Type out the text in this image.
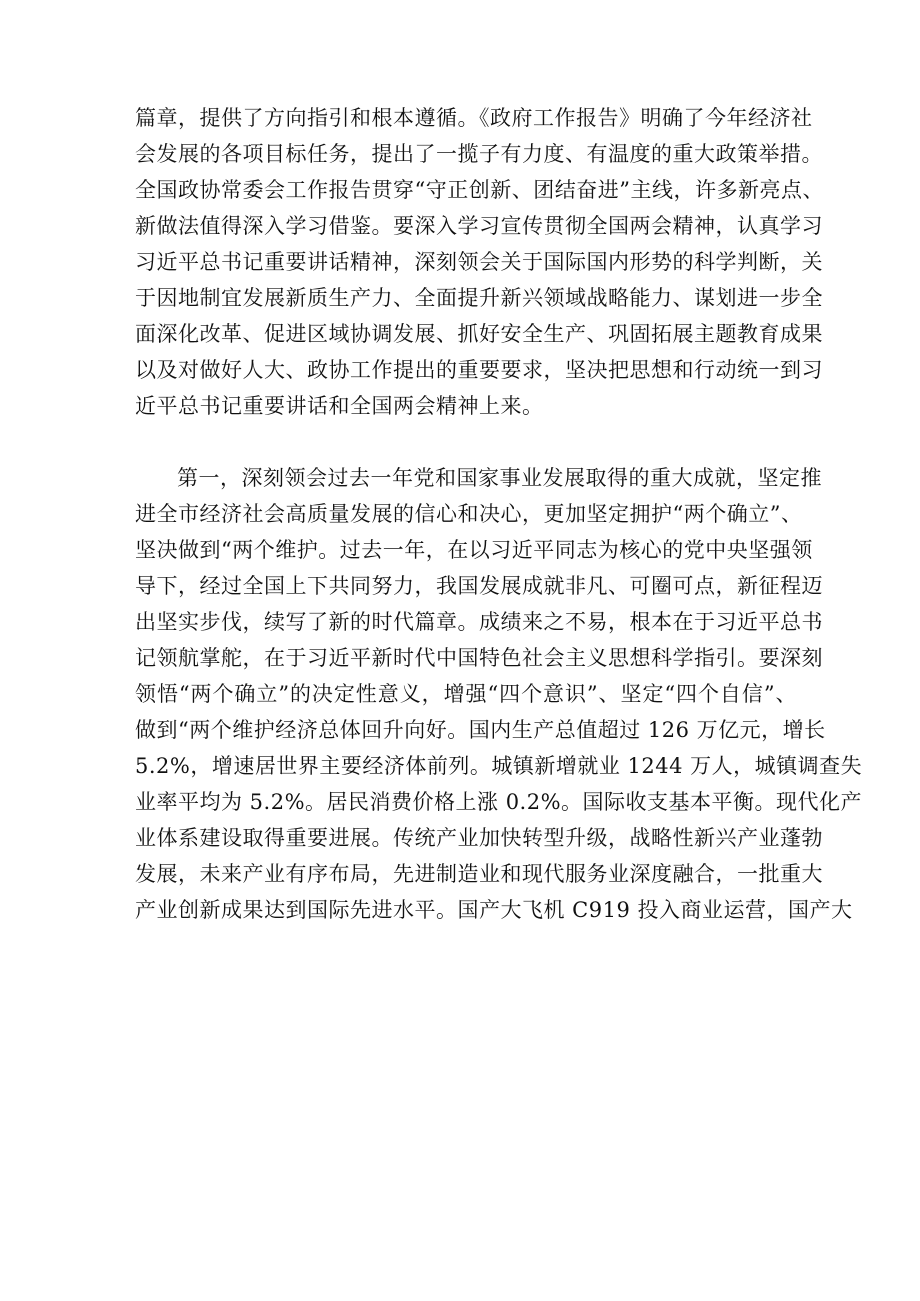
篇章，提供了方向指引和根本遵循。《政府工作报告》明确了今年经济社
会发展的各项目标任务，提出了一揽子有力度、有温度的重大政策举措。
全国政协常委会工作报告贯穿“守正创新、团结奋进”主线，许多新亮点、
新做法值得深入学习借鉴。要深入学习宣传贯彻全国两会精神，认真学习
习近平总书记重要讲话精神，深刻领会关于国际国内形势的科学判断，关
于因地制宜发展新质生产力、全面提升新兴领域战略能力、谋划进一步全
面深化改革、促进区域协调发展、抓好安全生产、巩固拓展主题教育成果
以及对做好人大、政协工作提出的重要要求，坚决把思想和行动统一到习
近平总书记重要讲话和全国两会精神上来。
第一，深刻领会过去一年党和国家事业发展取得的重大成就，坚定推
进全市经济社会高质量发展的信心和决心，更加坚定拥护“两个确立”、
坚决做到“两个维护。过去一年，在以习近平同志为核心的党中央坚强领
导下，经过全国上下共同努力，我国发展成就非凡、可圈可点，新征程迈
出坚实步伐，续写了新的时代篇章。成绩来之不易，根本在于习近平总书
记领航掌舵，在于习近平新时代中国特色社会主义思想科学指引。要深刻
领悟“两个确立”的决定性意义，增强“四个意识”、坚定“四个自信”、
做到“两个维护经济总体回升向好。国内生产总值超过 126 万亿元，增长
5.2%，增速居世界主要经济体前列。城镇新增就业 1244 万人，城镇调查失
业率平均为 5.2%。居民消费价格上涨 0.2%。国际收支基本平衡。现代化产
业体系建设取得重要进展。传统产业加快转型升级，战略性新兴产业蓬勃
发展，未来产业有序布局，先进制造业和现代服务业深度融合，一批重大
产业创新成果达到国际先进水平。国产大飞机 C919 投入商业运营，国产大
